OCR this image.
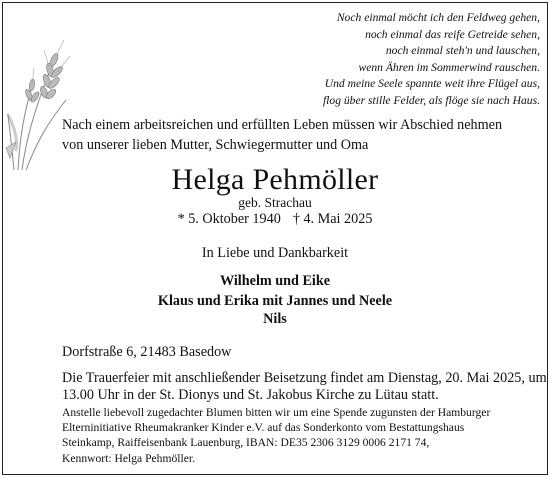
Noch einmal möcht ich den Feldweg gehen,
noch einmal das reife Getreide sehen,
noch einmal steh'n und lauschen,
wenn Ähren im Sommerwind rauschen.
Und meine Seele spannte weit ihre Flügel aus,
flog über stille Felder, als flöge sie nach Haus.
Nach einem arbeitsreichen und erfüllten Leben müssen wir Abschied nehmen
von unserer lieben Mutter, Schwiegermutter und Oma
Helga Pehmöller
geb. Strachau
* 5. Oktober 1940 † 4. Mai 2025
In Liebe und Dankbarkeit
Wilhelm und Eike
Klaus und Erika mit Jannes und Neele
Nils
Dorfstraße 6, 21483 Basedow
Die Trauerfeier mit anschließender Beisetzung findet am Dienstag, 20. Mai 2025, um
13.00 Uhr in der St. Dionys und St. Jakobus Kirche zu Lütau statt.
Anstelle liebevoll zugedachter Blumen bitten wir um eine Spende zugunsten der Hamburger
Elterninitiative Rheumakranker Kinder e.V. auf das Sonderkonto vom Bestattungshaus
Steinkamp, Raiffeisenbank Lauenburg, IBAN: DE35 2306 3129 0006 2171 74,
Kennwort: Helga Pehmöller.
